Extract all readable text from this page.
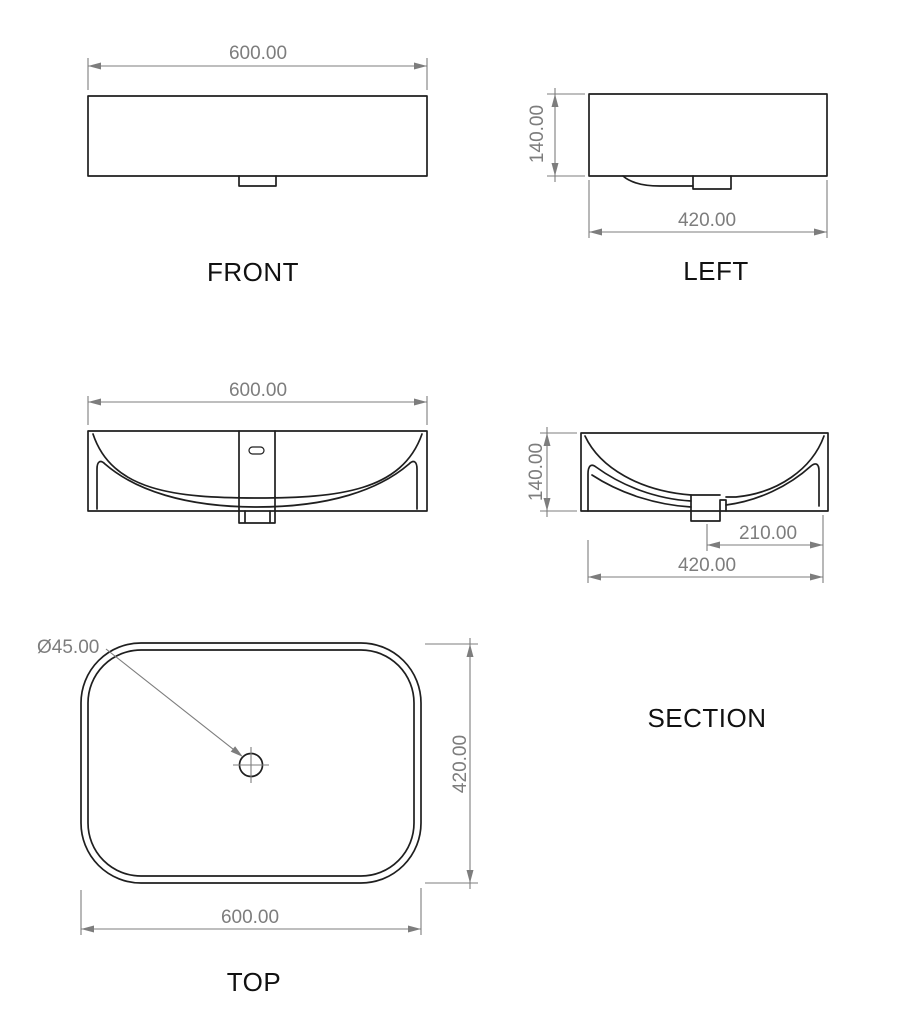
600.00
FRONT
140.00
420.00
LEFT
600.00
140.00
210.00
420.00
SECTION
Ø45.00
420.00
600.00
TOP
